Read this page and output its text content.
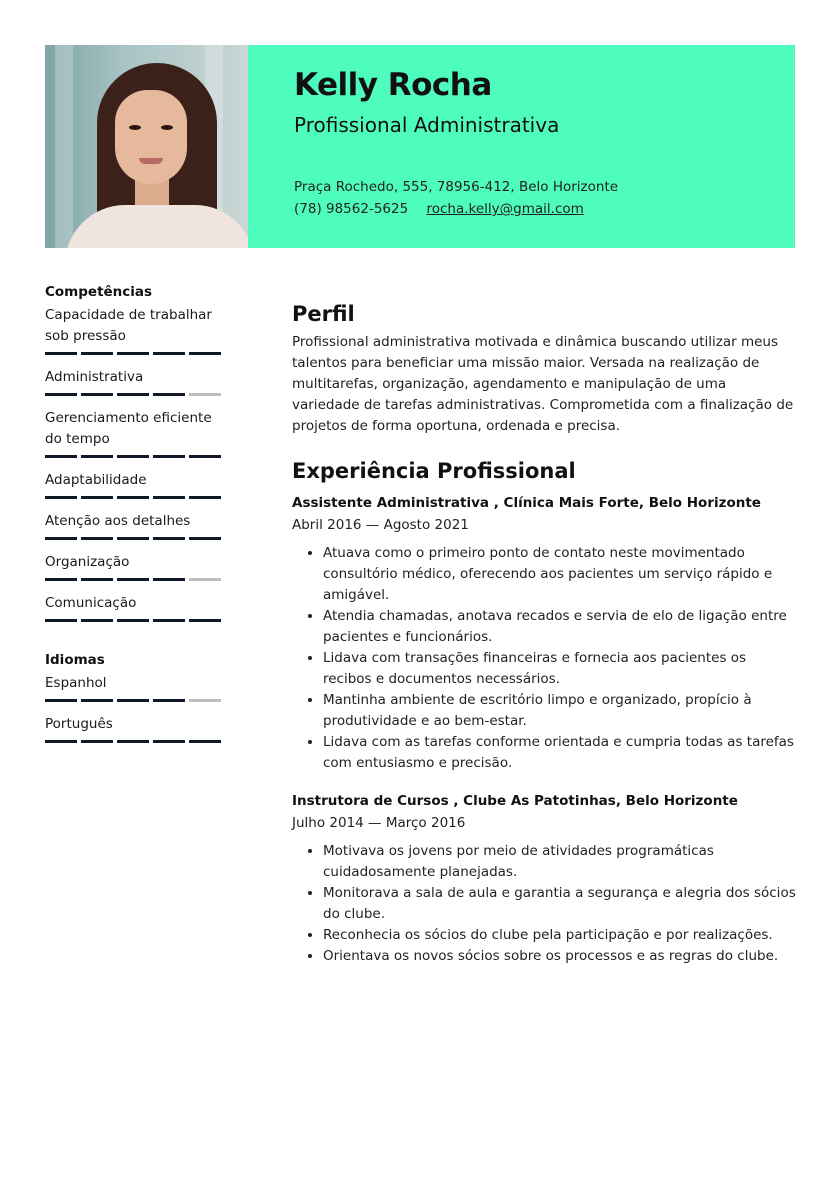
Kelly Rocha
Profissional Administrativa
Praça Rochedo, 555, 78956-412, Belo Horizonte
(78) 98562-5625 rocha.kelly@gmail.com
Competências
Capacidade de trabalhar sob pressão
Administrativa
Gerenciamento eficiente do tempo
Adaptabilidade
Atenção aos detalhes
Organização
Comunicação
Idiomas
Espanhol
Português
Perfil

Profissional administrativa motivada e dinâmica buscando utilizar meus talentos para beneficiar uma missão maior. Versada na realização de multitarefas, organização, agendamento e manipulação de uma variedade de tarefas administrativas. Comprometida com a finalização de projetos de forma oportuna, ordenada e precisa.

Experiência Profissional
Assistente Administrativa , Clínica Mais Forte, Belo Horizonte
Abril 2016 — Agosto 2021
• Atuava como o primeiro ponto de contato neste movimentado consultório médico, oferecendo aos pacientes um serviço rápido e amigável.
• Atendia chamadas, anotava recados e servia de elo de ligação entre pacientes e funcionários.
• Lidava com transações financeiras e fornecia aos pacientes os recibos e documentos necessários.
• Mantinha ambiente de escritório limpo e organizado, propício à produtividade e ao bem-estar.
• Lidava com as tarefas conforme orientada e cumpria todas as tarefas com entusiasmo e precisão.
Instrutora de Cursos , Clube As Patotinhas, Belo Horizonte
Julho 2014 — Março 2016
• Motivava os jovens por meio de atividades programáticas cuidadosamente planejadas.
• Monitorava a sala de aula e garantia a segurança e alegria dos sócios do clube.
• Reconhecia os sócios do clube pela participação e por realizações.
• Orientava os novos sócios sobre os processos e as regras do clube.
